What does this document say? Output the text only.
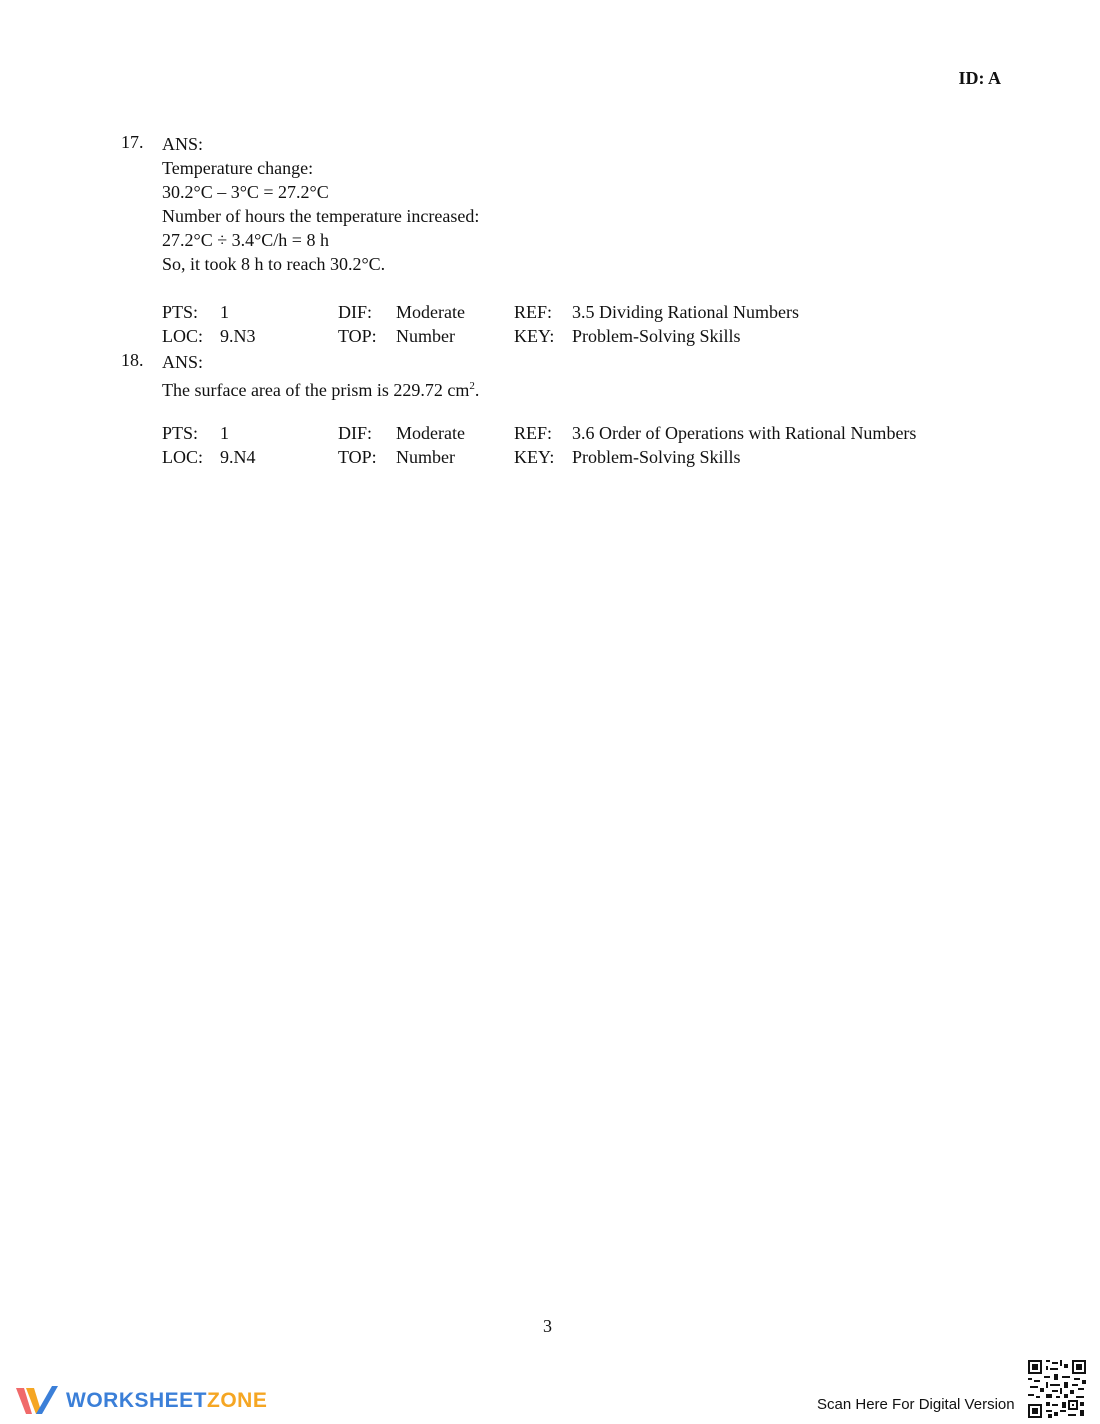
ID: A
17. ANS:
Temperature change:
30.2°C – 3°C = 27.2°C
Number of hours the temperature increased:
27.2°C ÷ 3.4°C/h = 8 h
So, it took 8 h to reach 30.2°C.
PTS: 1	DIF: Moderate	REF: 3.5 Dividing Rational Numbers
LOC: 9.N3	TOP: Number	KEY: Problem-Solving Skills
18. ANS:
The surface area of the prism is 229.72 $cm^2$.
PTS: 1	DIF: Moderate	REF: 3.6 Order of Operations with Rational Numbers
LOC: 9.N4	TOP: Number	KEY: Problem-Solving Skills
3
WORKSHEETZONE	Scan Here For Digital Version
